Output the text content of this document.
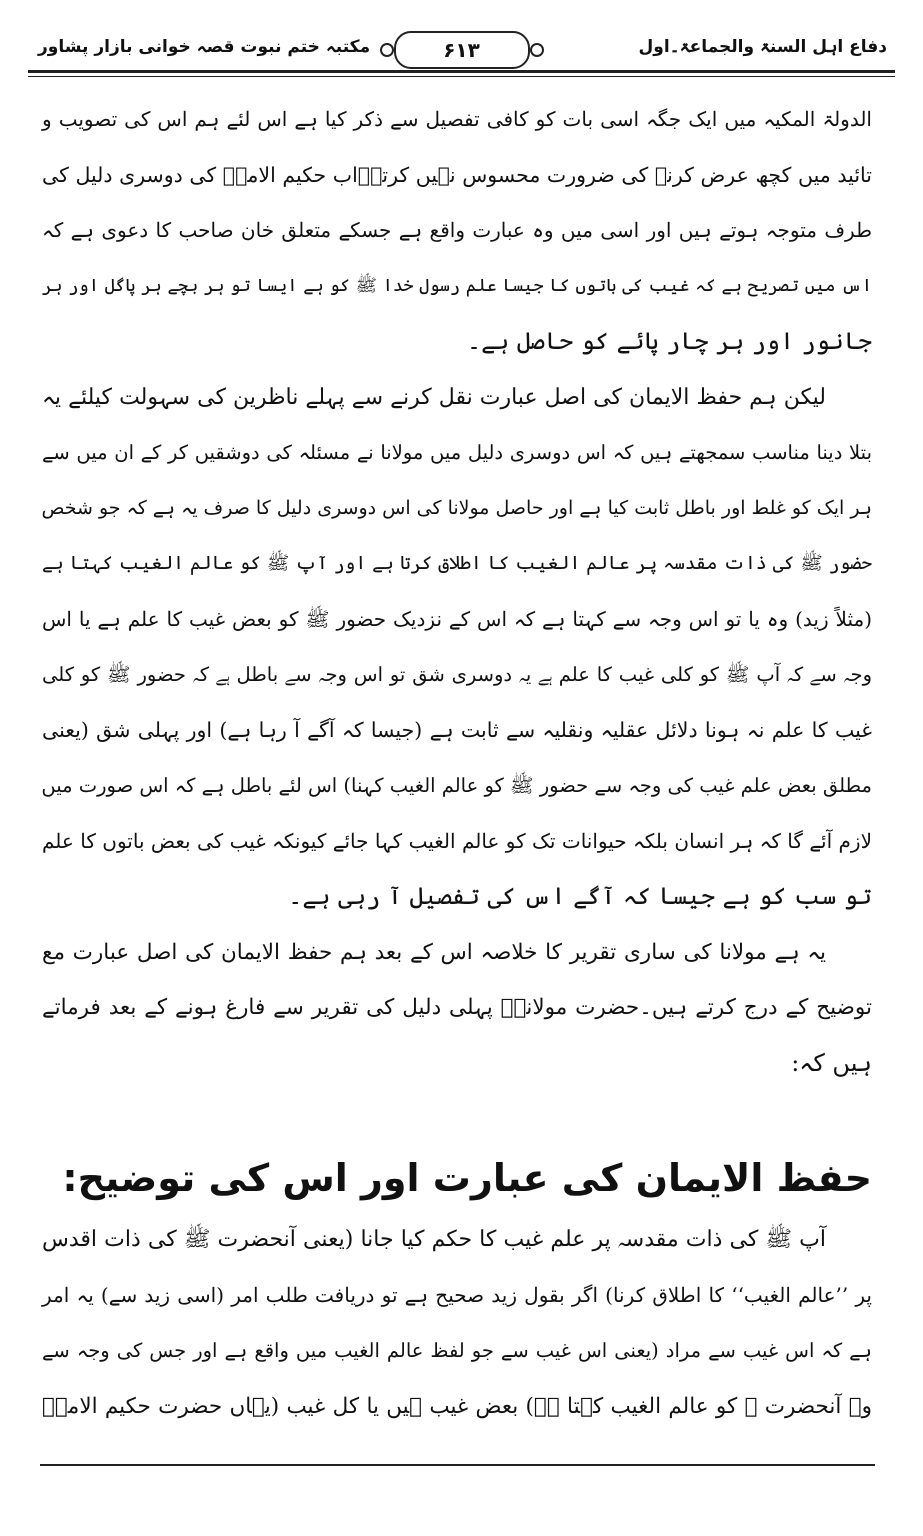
دفاع اہل السنۃ والجماعۃ۔اول
۶۱۳
مکتبہ ختم نبوت قصہ خوانی بازار پشاور
الدولۃ المکیہ میں ایک جگہ اسی بات کو کافی تفصیل سے ذکر کیا ہے اس لئے ہم اس کی تصویب و
تائید میں کچھ عرض کرنے کی ضرورت محسوس نہیں کرتے۔اب حکیم الامتؒ کی دوسری دلیل کی
طرف متوجہ ہوتے ہیں اور اسی میں وہ عبارت واقع ہے جسکے متعلق خان صاحب کا دعوی ہے کہ
اس میں تصریح ہے کہ غیب کی باتوں کا جیسا علم رسول خدا ﷺ کو ہے ایسا تو ہر بچے ہر پاگل اور ہر
جانور اور ہر چار پائے کو حاصل ہے۔
لیکن ہم حفظ الایمان کی اصل عبارت نقل کرنے سے پہلے ناظرین کی سہولت کیلئے یہ
بتلا دینا مناسب سمجھتے ہیں کہ اس دوسری دلیل میں مولانا نے مسئلہ کی دوشقیں کر کے ان میں سے
ہر ایک کو غلط اور باطل ثابت کیا ہے اور حاصل مولانا کی اس دوسری دلیل کا صرف یہ ہے کہ جو شخص
حضور ﷺ کی ذات مقدسہ پر عالم الغیب کا اطلاق کرتا ہے اور آپ ﷺ کو عالم الغیب کہتا ہے
(مثلاً زید) وہ یا تو اس وجہ سے کہتا ہے کہ اس کے نزدیک حضور ﷺ کو بعض غیب کا علم ہے یا اس
وجہ سے کہ آپ ﷺ کو کلی غیب کا علم ہے یہ دوسری شق تو اس وجہ سے باطل ہے کہ حضور ﷺ کو کلی
غیب کا علم نہ ہونا دلائل عقلیہ ونقلیہ سے ثابت ہے (جیسا کہ آگے آ رہا ہے) اور پہلی شق (یعنی
مطلق بعض علم غیب کی وجہ سے حضور ﷺ کو عالم الغیب کہنا) اس لئے باطل ہے کہ اس صورت میں
لازم آئے گا کہ ہر انسان بلکہ حیوانات تک کو عالم الغیب کہا جائے کیونکہ غیب کی بعض باتوں کا علم
تو سب کو ہے جیسا کہ آگے اس کی تفصیل آ رہی ہے۔
یہ ہے مولانا کی ساری تقریر کا خلاصہ اس کے بعد ہم حفظ الایمان کی اصل عبارت مع
توضیح کے درج کرتے ہیں۔حضرت مولاناؒ پہلی دلیل کی تقریر سے فارغ ہونے کے بعد فرماتے
ہیں کہ:
حفظ الایمان کی عبارت اور اس کی توضیح:
آپ ﷺ کی ذات مقدسہ پر علم غیب کا حکم کیا جانا (یعنی آنحضرت ﷺ کی ذات اقدس
پر ’’عالم الغیب‘‘ کا اطلاق کرنا) اگر بقول زید صحیح ہے تو دریافت طلب امر (اسی زید سے) یہ امر
ہے کہ اس غیب سے مراد (یعنی اس غیب سے جو لفظ عالم الغیب میں واقع ہے اور جس کی وجہ سے
وہ آنحضرت ﷺ کو عالم الغیب کہتا ہے) بعض غیب ہیں یا کل غیب (یہاں حضرت حکیم الامتؒ
